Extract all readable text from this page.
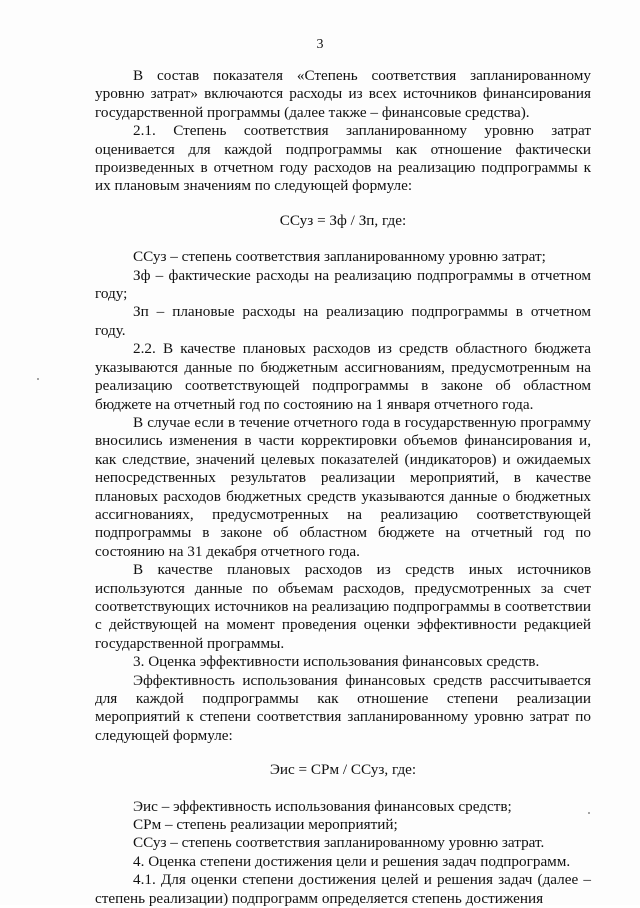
3

В состав показателя «Степень соответствия запланированному уровню затрат» включаются расходы из всех источников финансирования государственной программы (далее также – финансовые средства).

2.1. Степень соответствия запланированному уровню затрат оценивается для каждой подпрограммы как отношение фактически произведенных в отчетном году расходов на реализацию подпрограммы к их плановым значениям по следующей формуле:

ССуз = Зф / Зп, где:

ССуз – степень соответствия запланированному уровню затрат;

Зф – фактические расходы на реализацию подпрограммы в отчетном году;

Зп – плановые расходы на реализацию подпрограммы в отчетном году.

2.2. В качестве плановых расходов из средств областного бюджета указываются данные по бюджетным ассигнованиям, предусмотренным на реализацию соответствующей подпрограммы в законе об областном бюджете на отчетный год по состоянию на 1 января отчетного года.

В случае если в течение отчетного года в государственную программу вносились изменения в части корректировки объемов финансирования и, как следствие, значений целевых показателей (индикаторов) и ожидаемых непосредственных результатов реализации мероприятий, в качестве плановых расходов бюджетных средств указываются данные о бюджетных ассигнованиях, предусмотренных на реализацию соответствующей подпрограммы в законе об областном бюджете на отчетный год по состоянию на 31 декабря отчетного года.

В качестве плановых расходов из средств иных источников используются данные по объемам расходов, предусмотренных за счет соответствующих источников на реализацию подпрограммы в соответствии с действующей на момент проведения оценки эффективности редакцией государственной программы.

3. Оценка эффективности использования финансовых средств.

Эффективность использования финансовых средств рассчитывается для каждой подпрограммы как отношение степени реализации мероприятий к степени соответствия запланированному уровню затрат по следующей формуле:

Эис = СРм / ССуз, где:

Эис – эффективность использования финансовых средств;

СРм – степень реализации мероприятий;

ССуз – степень соответствия запланированному уровню затрат.

4. Оценка степени достижения цели и решения задач подпрограмм.

4.1. Для оценки степени достижения целей и решения задач (далее – степень реализации) подпрограмм определяется степень достижения
